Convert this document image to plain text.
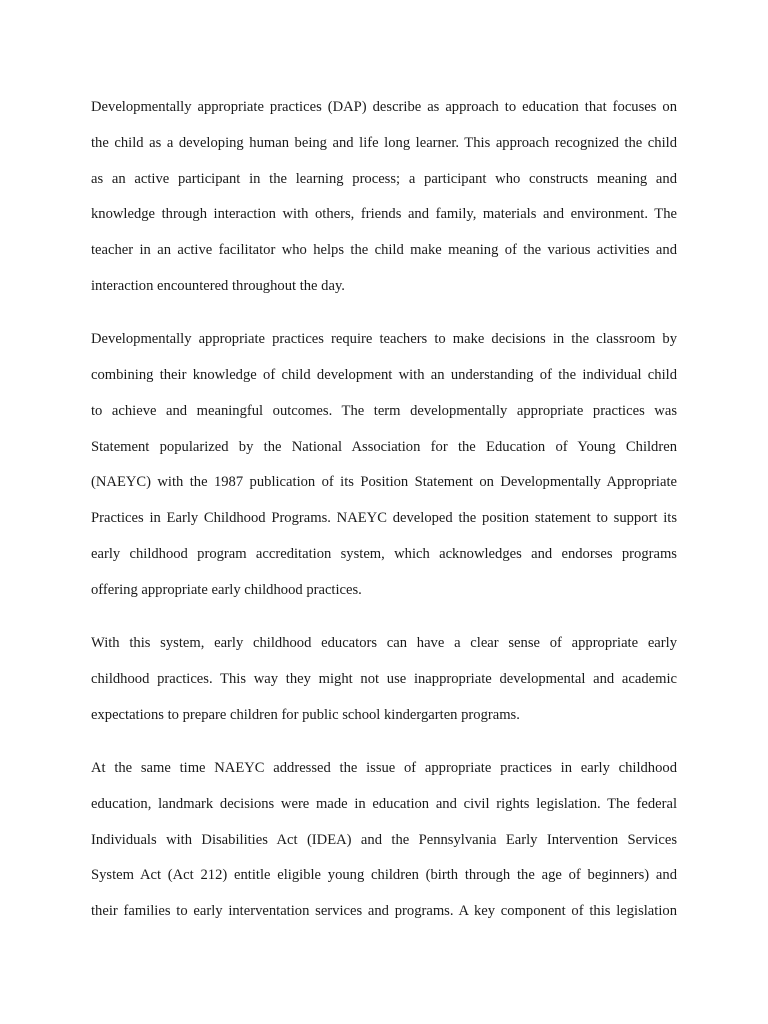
Developmentally appropriate practices (DAP) describe as approach to education that focuses on
the child as a developing human being and life long learner. This approach recognized the child
as an active participant in the learning process; a participant who constructs meaning and
knowledge through interaction with others, friends and family, materials and environment. The
teacher in an active facilitator who helps the child make meaning of the various activities and
interaction encountered throughout the day.

Developmentally appropriate practices require teachers to make decisions in the classroom by
combining their knowledge of child development with an understanding of the individual child
to achieve and meaningful outcomes. The term developmentally appropriate practices was
Statement popularized by the National Association for the Education of Young Children
(NAEYC) with the 1987 publication of its Position Statement on Developmentally Appropriate
Practices in Early Childhood Programs. NAEYC developed the position statement to support its
early childhood program accreditation system, which acknowledges and endorses programs
offering appropriate early childhood practices.

With this system, early childhood educators can have a clear sense of appropriate early
childhood practices. This way they might not use inappropriate developmental and academic
expectations to prepare children for public school kindergarten programs.

At the same time NAEYC addressed the issue of appropriate practices in early childhood
education, landmark decisions were made in education and civil rights legislation. The federal
Individuals with Disabilities Act (IDEA) and the Pennsylvania Early Intervention Services
System Act (Act 212) entitle eligible young children (birth through the age of beginners) and
their families to early interventation services and programs. A key component of this legislation
